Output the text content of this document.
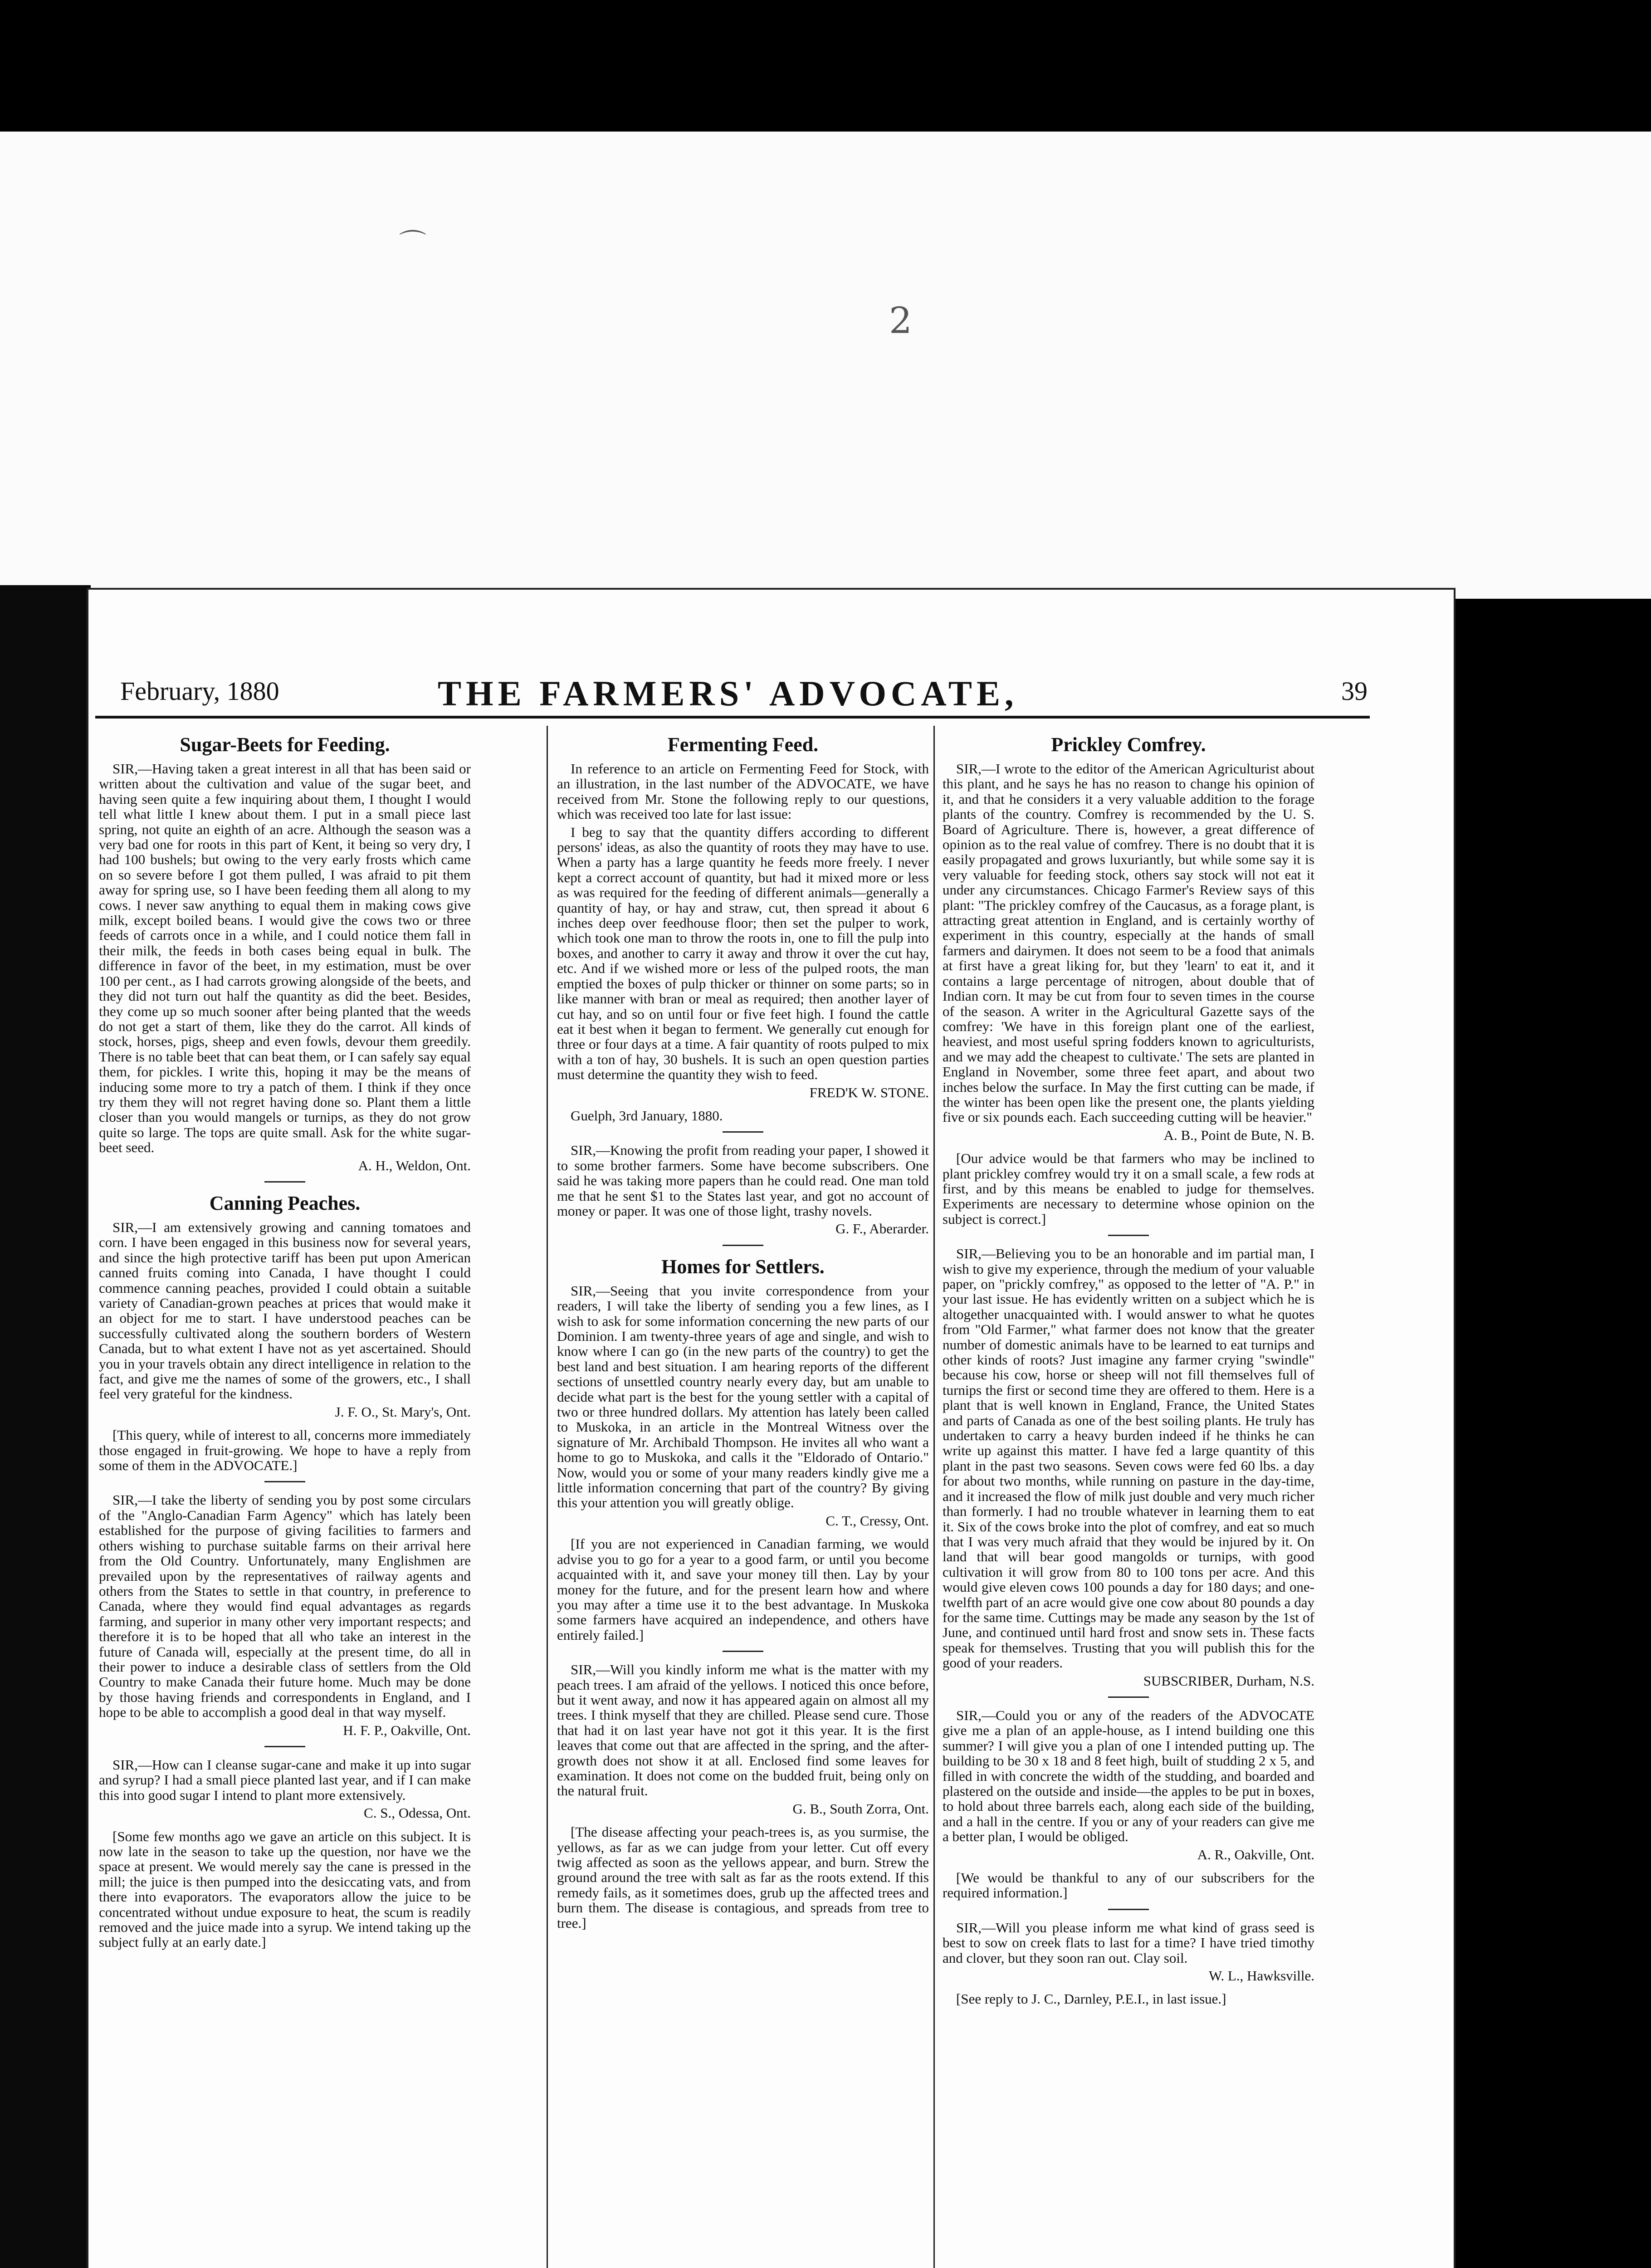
⌒
2
February, 1880	THE FARMERS' ADVOCATE,	39
Sugar-Beets for Feeding.

SIR,—Having taken a great interest in all that has been said or written about the cultivation and value of the sugar beet, and having seen quite a few inquiring about them, I thought I would tell what little I knew about them. I put in a small piece last spring, not quite an eighth of an acre. Although the season was a very bad one for roots in this part of Kent, it being so very dry, I had 100 bushels; but owing to the very early frosts which came on so severe before I got them pulled, I was afraid to pit them away for spring use, so I have been feeding them all along to my cows. I never saw anything to equal them in making cows give milk, except boiled beans. I would give the cows two or three feeds of carrots once in a while, and I could notice them fall in their milk, the feeds in both cases being equal in bulk. The difference in favor of the beet, in my estimation, must be over 100 per cent., as I had carrots growing alongside of the beets, and they did not turn out half the quantity as did the beet. Besides, they come up so much sooner after being planted that the weeds do not get a start of them, like they do the carrot. All kinds of stock, horses, pigs, sheep and even fowls, devour them greedily. There is no table beet that can beat them, or I can safely say equal them, for pickles. I write this, hoping it may be the means of inducing some more to try a patch of them. I think if they once try them they will not regret having done so. Plant them a little closer than you would mangels or turnips, as they do not grow quite so large. The tops are quite small. Ask for the white sugar-beet seed.

A. H., Weldon, Ont.
Canning Peaches.

SIR,—I am extensively growing and canning tomatoes and corn. I have been engaged in this business now for several years, and since the high protective tariff has been put upon American canned fruits coming into Canada, I have thought I could commence canning peaches, provided I could obtain a suitable variety of Canadian-grown peaches at prices that would make it an object for me to start. I have understood peaches can be successfully cultivated along the southern borders of Western Canada, but to what extent I have not as yet ascertained. Should you in your travels obtain any direct intelligence in relation to the fact, and give me the names of some of the growers, etc., I shall feel very grateful for the kindness.

J. F. O., St. Mary's, Ont.

[This query, while of interest to all, concerns more immediately those engaged in fruit-growing. We hope to have a reply from some of them in the ADVOCATE.]

SIR,—I take the liberty of sending you by post some circulars of the "Anglo-Canadian Farm Agency" which has lately been established for the purpose of giving facilities to farmers and others wishing to purchase suitable farms on their arrival here from the Old Country. Unfortunately, many Englishmen are prevailed upon by the representatives of railway agents and others from the States to settle in that country, in preference to Canada, where they would find equal advantages as regards farming, and superior in many other very important respects; and therefore it is to be hoped that all who take an interest in the future of Canada will, especially at the present time, do all in their power to induce a desirable class of settlers from the Old Country to make Canada their future home. Much may be done by those having friends and correspondents in England, and I hope to be able to accomplish a good deal in that way myself.

H. F. P., Oakville, Ont.

SIR,—How can I cleanse sugar-cane and make it up into sugar and syrup? I had a small piece planted last year, and if I can make this into good sugar I intend to plant more extensively.

C. S., Odessa, Ont.

[Some few months ago we gave an article on this subject. It is now late in the season to take up the question, nor have we the space at present. We would merely say the cane is pressed in the mill; the juice is then pumped into the desiccating vats, and from there into evaporators. The evaporators allow the juice to be concentrated without undue exposure to heat, the scum is readily removed and the juice made into a syrup. We intend taking up the subject fully at an early date.]

Fermenting Feed.

In reference to an article on Fermenting Feed for Stock, with an illustration, in the last number of the ADVOCATE, we have received from Mr. Stone the following reply to our questions, which was received too late for last issue:

I beg to say that the quantity differs according to different persons' ideas, as also the quantity of roots they may have to use. When a party has a large quantity he feeds more freely. I never kept a correct account of quantity, but had it mixed more or less as was required for the feeding of different animals—generally a quantity of hay, or hay and straw, cut, then spread it about 6 inches deep over feedhouse floor; then set the pulper to work, which took one man to throw the roots in, one to fill the pulp into boxes, and another to carry it away and throw it over the cut hay, etc. And if we wished more or less of the pulped roots, the man emptied the boxes of pulp thicker or thinner on some parts; so in like manner with bran or meal as required; then another layer of cut hay, and so on until four or five feet high. I found the cattle eat it best when it began to ferment. We generally cut enough for three or four days at a time. A fair quantity of roots pulped to mix with a ton of hay, 30 bushels. It is such an open question parties must determine the quantity they wish to feed.

FRED'K W. STONE.

Guelph, 3rd January, 1880.

SIR,—Knowing the profit from reading your paper, I showed it to some brother farmers. Some have become subscribers. One said he was taking more papers than he could read. One man told me that he sent $1 to the States last year, and got no account of money or paper. It was one of those light, trashy novels.

G. F., Aberarder.
Homes for Settlers.

SIR,—Seeing that you invite correspondence from your readers, I will take the liberty of sending you a few lines, as I wish to ask for some information concerning the new parts of our Dominion. I am twenty-three years of age and single, and wish to know where I can go (in the new parts of the country) to get the best land and best situation. I am hearing reports of the different sections of unsettled country nearly every day, but am unable to decide what part is the best for the young settler with a capital of two or three hundred dollars. My attention has lately been called to Muskoka, in an article in the Montreal Witness over the signature of Mr. Archibald Thompson. He invites all who want a home to go to Muskoka, and calls it the "Eldorado of Ontario." Now, would you or some of your many readers kindly give me a little information concerning that part of the country? By giving this your attention you will greatly oblige.

C. T., Cressy, Ont.

[If you are not experienced in Canadian farming, we would advise you to go for a year to a good farm, or until you become acquainted with it, and save your money till then. Lay by your money for the future, and for the present learn how and where you may after a time use it to the best advantage. In Muskoka some farmers have acquired an independence, and others have entirely failed.]

SIR,—Will you kindly inform me what is the matter with my peach trees. I am afraid of the yellows. I noticed this once before, but it went away, and now it has appeared again on almost all my trees. I think myself that they are chilled. Please send cure. Those that had it on last year have not got it this year. It is the first leaves that come out that are affected in the spring, and the after-growth does not show it at all. Enclosed find some leaves for examination. It does not come on the budded fruit, being only on the natural fruit.

G. B., South Zorra, Ont.

[The disease affecting your peach-trees is, as you surmise, the yellows, as far as we can judge from your letter. Cut off every twig affected as soon as the yellows appear, and burn. Strew the ground around the tree with salt as far as the roots extend. If this remedy fails, as it sometimes does, grub up the affected trees and burn them. The disease is contagious, and spreads from tree to tree.]

Prickley Comfrey.

SIR,—I wrote to the editor of the American Agriculturist about this plant, and he says he has no reason to change his opinion of it, and that he considers it a very valuable addition to the forage plants of the country. Comfrey is recommended by the U. S. Board of Agriculture. There is, however, a great difference of opinion as to the real value of comfrey. There is no doubt that it is easily propagated and grows luxuriantly, but while some say it is very valuable for feeding stock, others say stock will not eat it under any circumstances. Chicago Farmer's Review says of this plant: "The prickley comfrey of the Caucasus, as a forage plant, is attracting great attention in England, and is certainly worthy of experiment in this country, especially at the hands of small farmers and dairymen. It does not seem to be a food that animals at first have a great liking for, but they 'learn' to eat it, and it contains a large percentage of nitrogen, about double that of Indian corn. It may be cut from four to seven times in the course of the season. A writer in the Agricultural Gazette says of the comfrey: 'We have in this foreign plant one of the earliest, heaviest, and most useful spring fodders known to agriculturists, and we may add the cheapest to cultivate.' The sets are planted in England in November, some three feet apart, and about two inches below the surface. In May the first cutting can be made, if the winter has been open like the present one, the plants yielding five or six pounds each. Each succeeding cutting will be heavier."

A. B., Point de Bute, N. B.

[Our advice would be that farmers who may be inclined to plant prickley comfrey would try it on a small scale, a few rods at first, and by this means be enabled to judge for themselves. Experiments are necessary to determine whose opinion on the subject is correct.]

SIR,—Believing you to be an honorable and im partial man, I wish to give my experience, through the medium of your valuable paper, on "prickly comfrey," as opposed to the letter of "A. P." in your last issue. He has evidently written on a subject which he is altogether unacquainted with. I would answer to what he quotes from "Old Farmer," what farmer does not know that the greater number of domestic animals have to be learned to eat turnips and other kinds of roots? Just imagine any farmer crying "swindle" because his cow, horse or sheep will not fill themselves full of turnips the first or second time they are offered to them. Here is a plant that is well known in England, France, the United States and parts of Canada as one of the best soiling plants. He truly has undertaken to carry a heavy burden indeed if he thinks he can write up against this matter. I have fed a large quantity of this plant in the past two seasons. Seven cows were fed 60 lbs. a day for about two months, while running on pasture in the day-time, and it increased the flow of milk just double and very much richer than formerly. I had no trouble whatever in learning them to eat it. Six of the cows broke into the plot of comfrey, and eat so much that I was very much afraid that they would be injured by it. On land that will bear good mangolds or turnips, with good cultivation it will grow from 80 to 100 tons per acre. And this would give eleven cows 100 pounds a day for 180 days; and one-twelfth part of an acre would give one cow about 80 pounds a day for the same time. Cuttings may be made any season by the 1st of June, and continued until hard frost and snow sets in. These facts speak for themselves. Trusting that you will publish this for the good of your readers.

SUBSCRIBER, Durham, N.S.

SIR,—Could you or any of the readers of the ADVOCATE give me a plan of an apple-house, as I intend building one this summer? I will give you a plan of one I intended putting up. The building to be 30 x 18 and 8 feet high, built of studding 2 x 5, and filled in with concrete the width of the studding, and boarded and plastered on the outside and inside—the apples to be put in boxes, to hold about three barrels each, along each side of the building, and a hall in the centre. If you or any of your readers can give me a better plan, I would be obliged.

A. R., Oakville, Ont.

[We would be thankful to any of our subscribers for the required information.]

SIR,—Will you please inform me what kind of grass seed is best to sow on creek flats to last for a time? I have tried timothy and clover, but they soon ran out. Clay soil.

W. L., Hawksville.

[See reply to J. C., Darnley, P.E.I., in last issue.]
